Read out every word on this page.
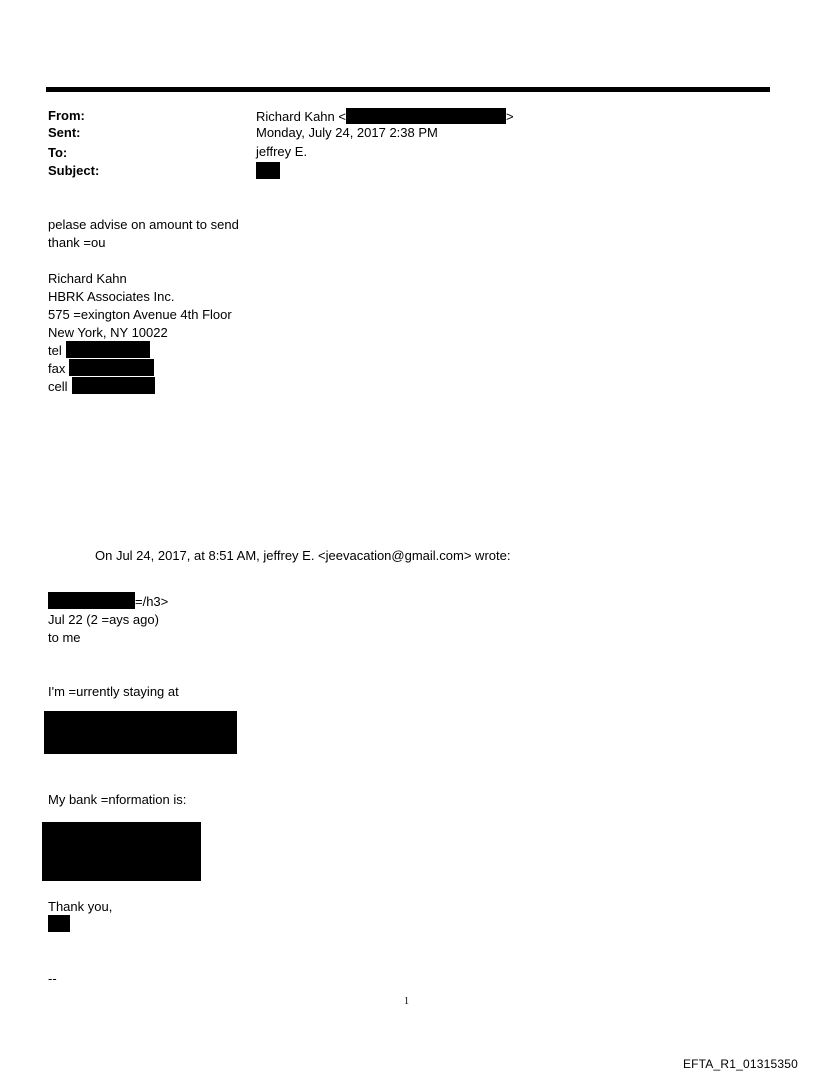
From:	Richard Kahn <	>
Sent:	Monday, July 24, 2017 2:38 PM
To:	jeffrey E.
Subject:
pelase advise on amount to send
thank =ou
Richard Kahn
HBRK Associates Inc.
575 =exington Avenue 4th Floor
New York, NY 10022
tel
fax
cell
On Jul 24, 2017, at 8:51 AM, jeffrey E. <jeevacation@gmail.com> wrote:
=/h3>
Jul 22 (2 =ays ago)
to me
I'm =urrently staying at
My bank =nformation is:
Thank you,
--
1
EFTA_R1_01315350
